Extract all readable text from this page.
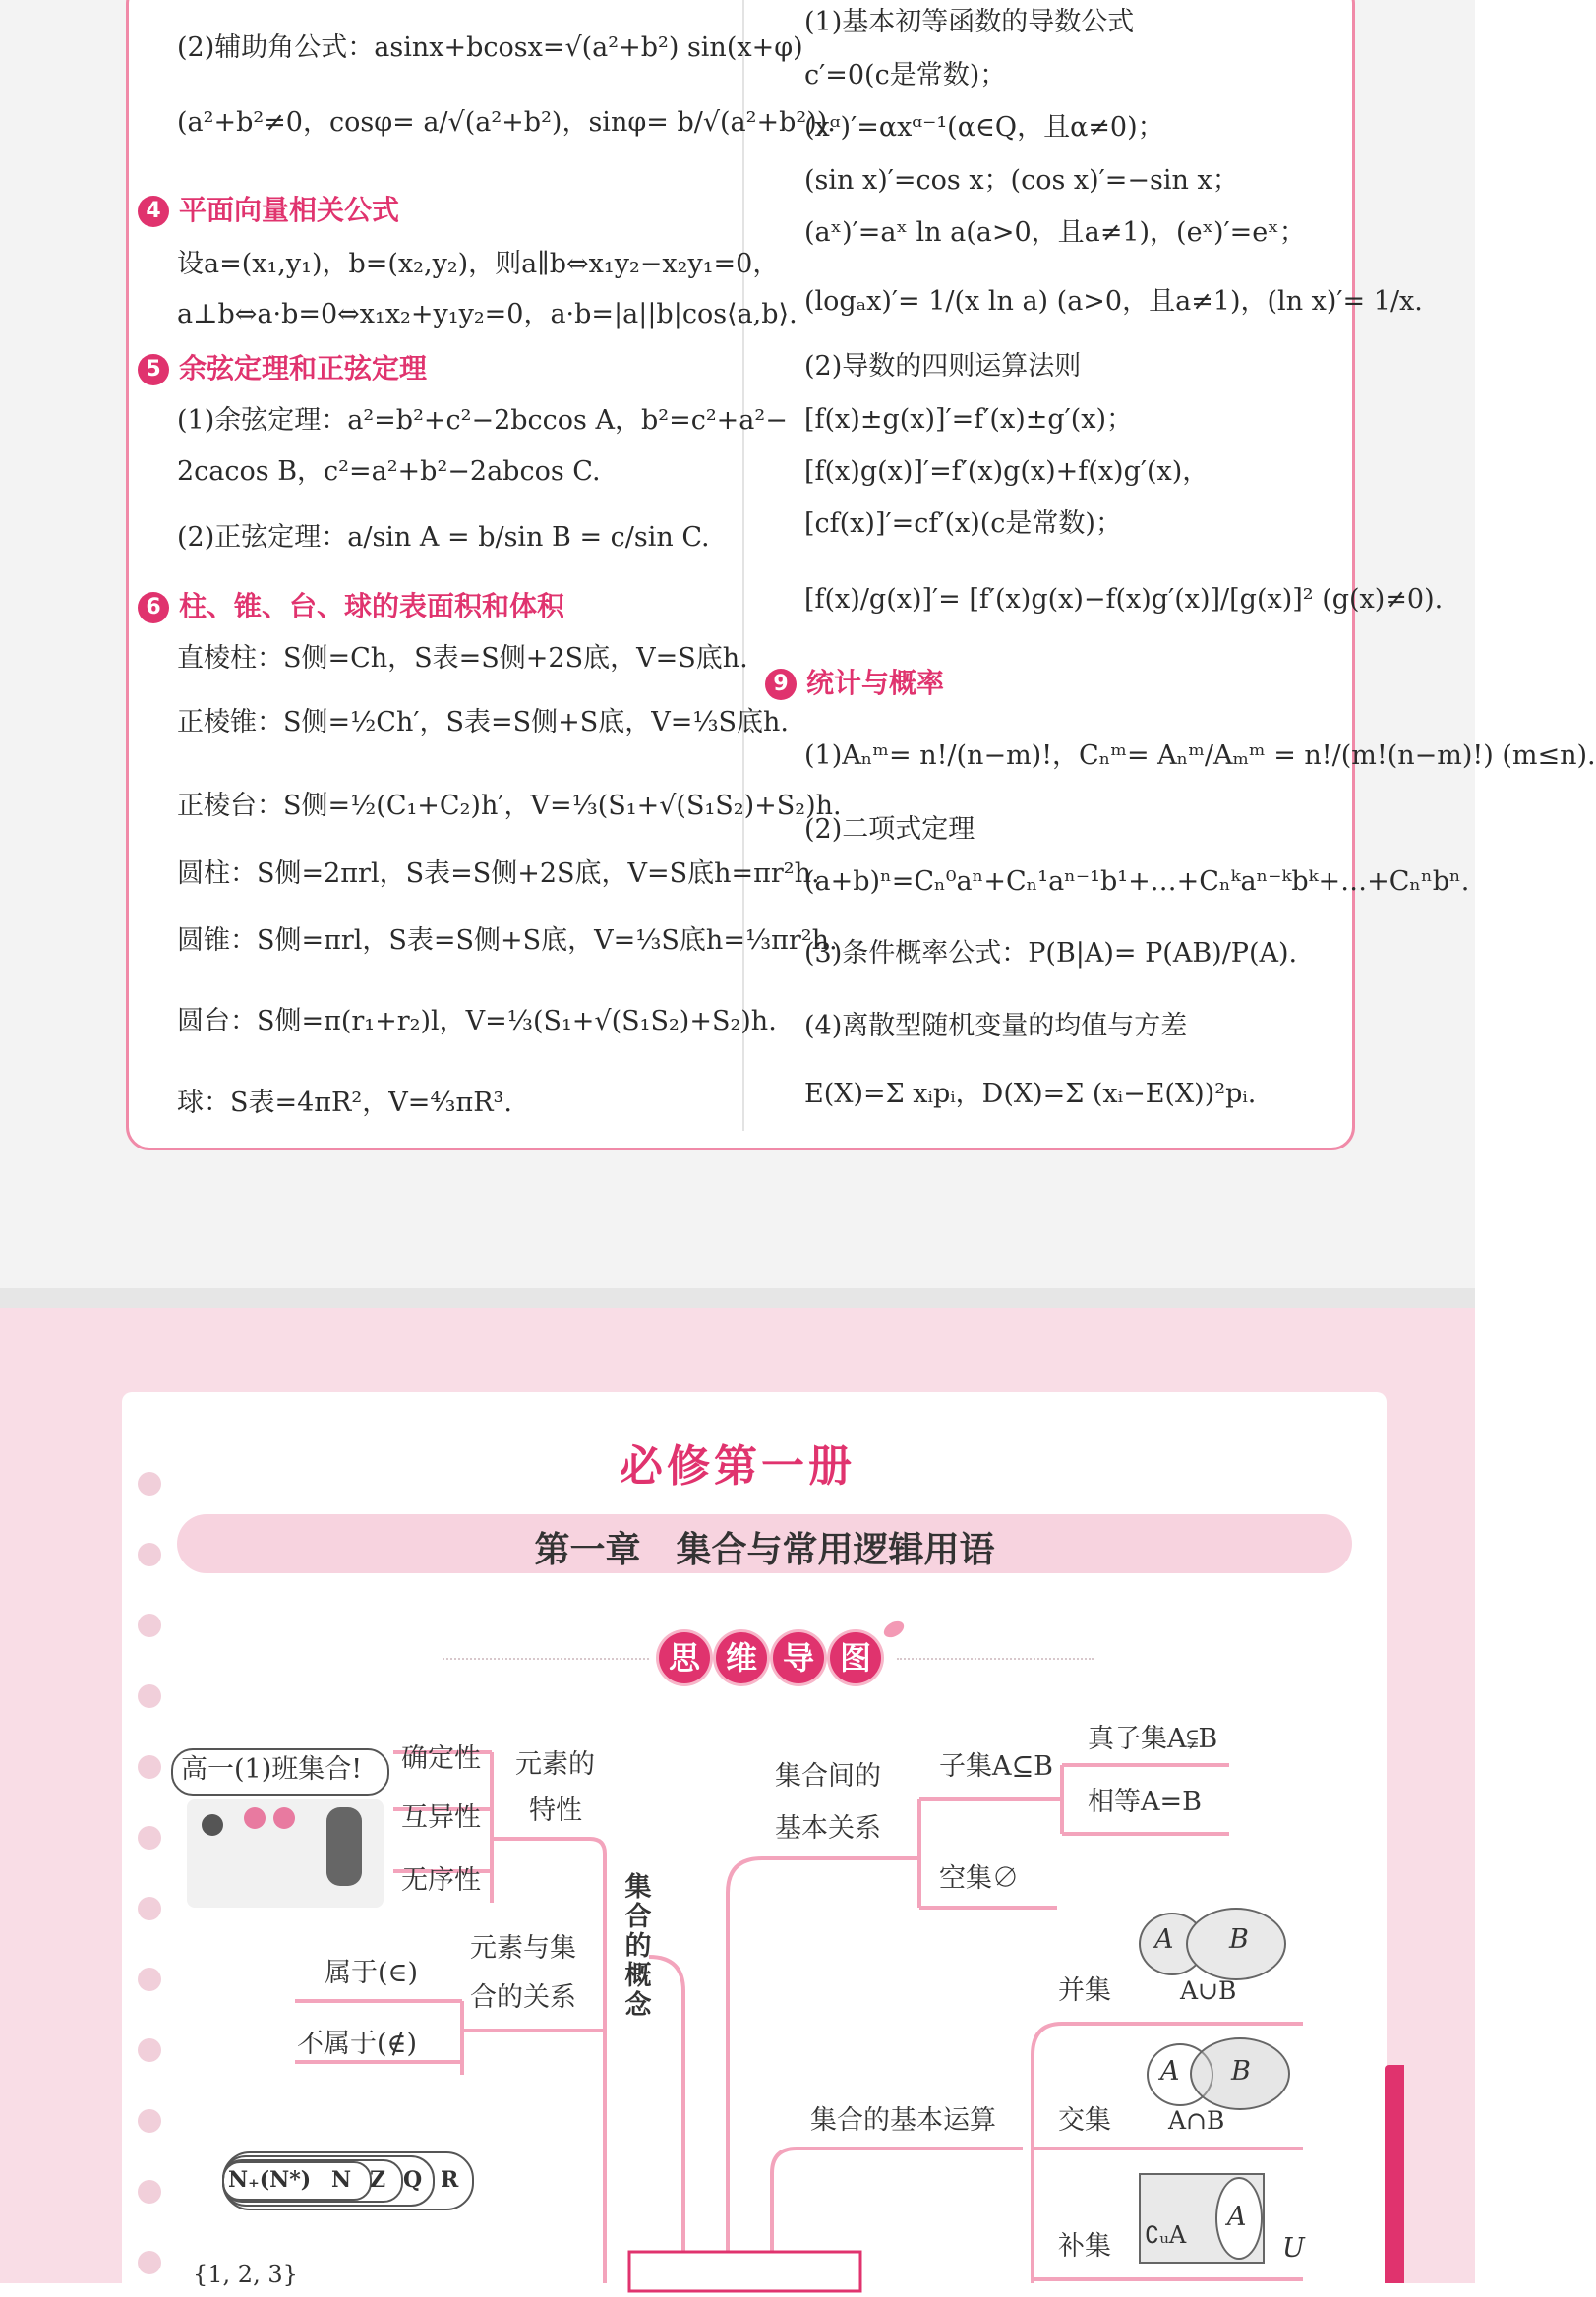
(2)辅助角公式：asinx+bcosx=√(a²+b²) sin(x+φ)
(a²+b²≠0，cosφ= a/√(a²+b²)，sinφ= b/√(a²+b²)).
4 平面向量相关公式
设a=(x₁,y₁)，b=(x₂,y₂)，则a∥b⇔x₁y₂−x₂y₁=0，
a⊥b⇔a·b=0⇔x₁x₂+y₁y₂=0，a·b=|a||b|cos⟨a,b⟩.
5 余弦定理和正弦定理
(1)余弦定理：a²=b²+c²−2bccos A，b²=c²+a²−
2cacos B，c²=a²+b²−2abcos C.
(2)正弦定理：a/sin A = b/sin B = c/sin C.
6 柱、锥、台、球的表面积和体积
直棱柱：S侧=Ch，S表=S侧+2S底，V=S底h.
正棱锥：S侧=½Ch′，S表=S侧+S底，V=⅓S底h.
正棱台：S侧=½(C₁+C₂)h′，V=⅓(S₁+√(S₁S₂)+S₂)h.
圆柱：S侧=2πrl，S表=S侧+2S底，V=S底h=πr²h.
圆锥：S侧=πrl，S表=S侧+S底，V=⅓S底h=⅓πr²h.
圆台：S侧=π(r₁+r₂)l，V=⅓(S₁+√(S₁S₂)+S₂)h.
球：S表=4πR²，V=⁴⁄₃πR³.
(1)基本初等函数的导数公式
c′=0(c是常数)；
(xᵅ)′=αxᵅ⁻¹(α∈Q，且α≠0)；
(sin x)′=cos x；(cos x)′=−sin x；
(aˣ)′=aˣ ln a(a>0，且a≠1)，(eˣ)′=eˣ；
(logₐx)′= 1/(x ln a) (a>0，且a≠1)，(ln x)′= 1/x.
(2)导数的四则运算法则
[f(x)±g(x)]′=f′(x)±g′(x)；
[f(x)g(x)]′=f′(x)g(x)+f(x)g′(x)，
[cf(x)]′=cf′(x)(c是常数)；
[f(x)/g(x)]′= [f′(x)g(x)−f(x)g′(x)]/[g(x)]² (g(x)≠0).
9 统计与概率
(1)Aₙᵐ= n!/(n−m)!，Cₙᵐ= Aₙᵐ/Aₘᵐ = n!/(m!(n−m)!) (m≤n).
(2)二项式定理
(a+b)ⁿ=Cₙ⁰aⁿ+Cₙ¹aⁿ⁻¹b¹+…+Cₙᵏaⁿ⁻ᵏbᵏ+…+Cₙⁿbⁿ.
(3)条件概率公式：P(B|A)= P(AB)/P(A).
(4)离散型随机变量的均值与方差
E(X)=Σ xᵢpᵢ，D(X)=Σ (xᵢ−E(X))²pᵢ.
必修第一册
第一章　集合与常用逻辑用语
思 维 导 图
高一(1)班集合! 确定性
互异性
无序性
元素的
特性
集合的概念
元素与集
合的关系
属于(∈)
不属于(∉)
N₊(N*) N Z Q R
{1, 2, 3}
集合间的
基本关系
子集A⊆B
真子集A⫋B
相等A=B
空集∅
集合的基本运算
并集	A∪B
交集 A∩B
补集
A B
A B
A
∁ᵤA	U
